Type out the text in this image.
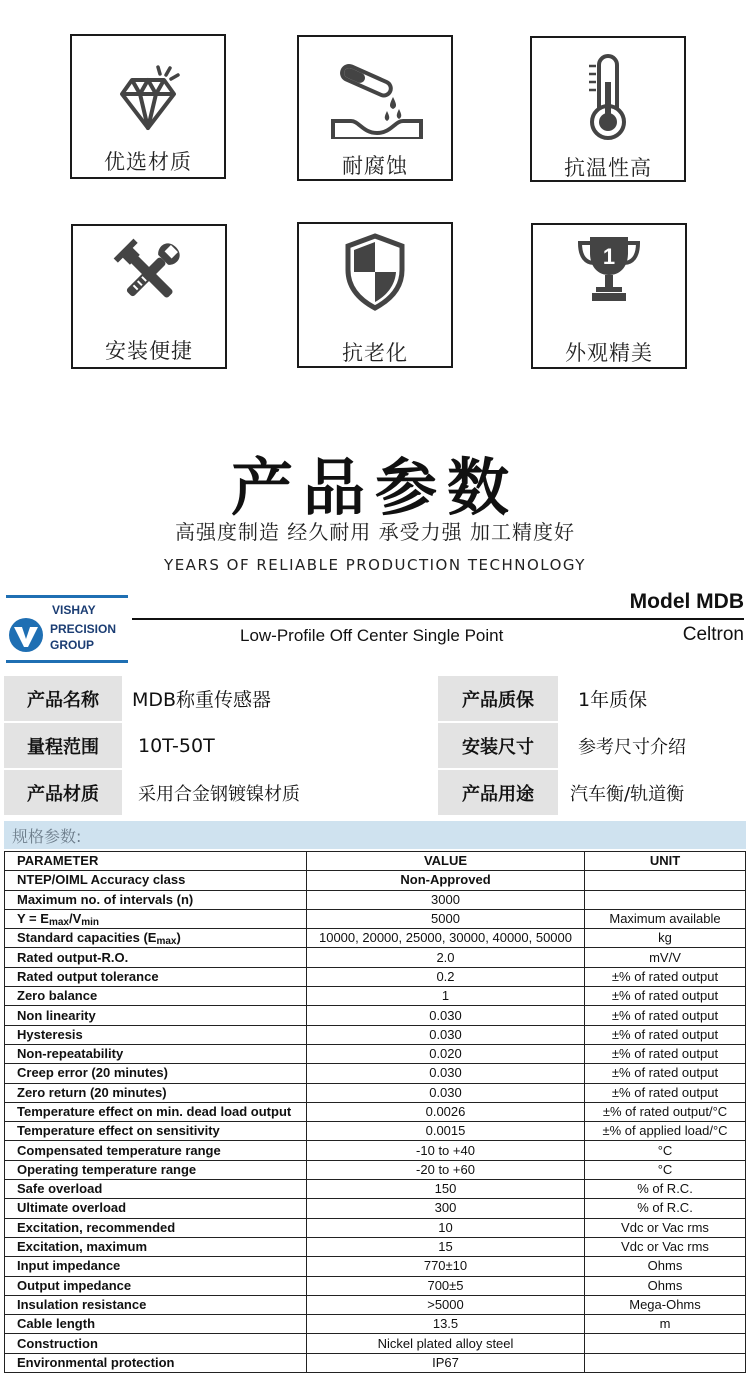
优选材质	耐腐蚀	抗温性高
安装便捷	抗老化
1
外观精美
产品参数
高强度制造 经久耐用 承受力强 加工精度好
YEARS OF RELIABLE PRODUCTION TECHNOLOGY
VISHAY
PRECISION
GROUP
Model MDB
Low-Profile Off Center Single Point	Celtron
产品名称	MDB称重传感器	产品质保	1年质保
量程范围	10T-50T	安装尺寸	参考尺寸介绍
产品材质	采用合金钢镀镍材质	产品用途	汽车衡/轨道衡
规格参数:
PARAMETER	VALUE	UNIT
NTEP/OIML Accuracy class	Non-Approved	
Maximum no. of intervals (n)	3000	
$Y = E_{max}/V_{min}$	5000	Maximum available
Standard capacities $(E_{max})$	10000, 20000, 25000, 30000, 40000, 50000	kg
Rated output-R.O.	2.0	mV/V
Rated output tolerance	0.2	±% of rated output
Zero balance	1	±% of rated output
Non linearity	0.030	±% of rated output
Hysteresis	0.030	±% of rated output
Non-repeatability	0.020	±% of rated output
Creep error (20 minutes)	0.030	±% of rated output
Zero return (20 minutes)	0.030	±% of rated output
Temperature effect on min. dead load output	0.0026	±% of rated output/°C
Temperature effect on sensitivity	0.0015	±% of applied load/°C
Compensated temperature range	-10 to +40	°C
Operating temperature range	-20 to +60	°C
Safe overload	150	% of R.C.
Ultimate overload	300	% of R.C.
Excitation, recommended	10	Vdc or Vac rms
Excitation, maximum	15	Vdc or Vac rms
Input impedance	770±10	Ohms
Output impedance	700±5	Ohms
Insulation resistance	>5000	Mega-Ohms
Cable length	13.5	m
Construction	Nickel plated alloy steel	
Environmental protection	IP67	
